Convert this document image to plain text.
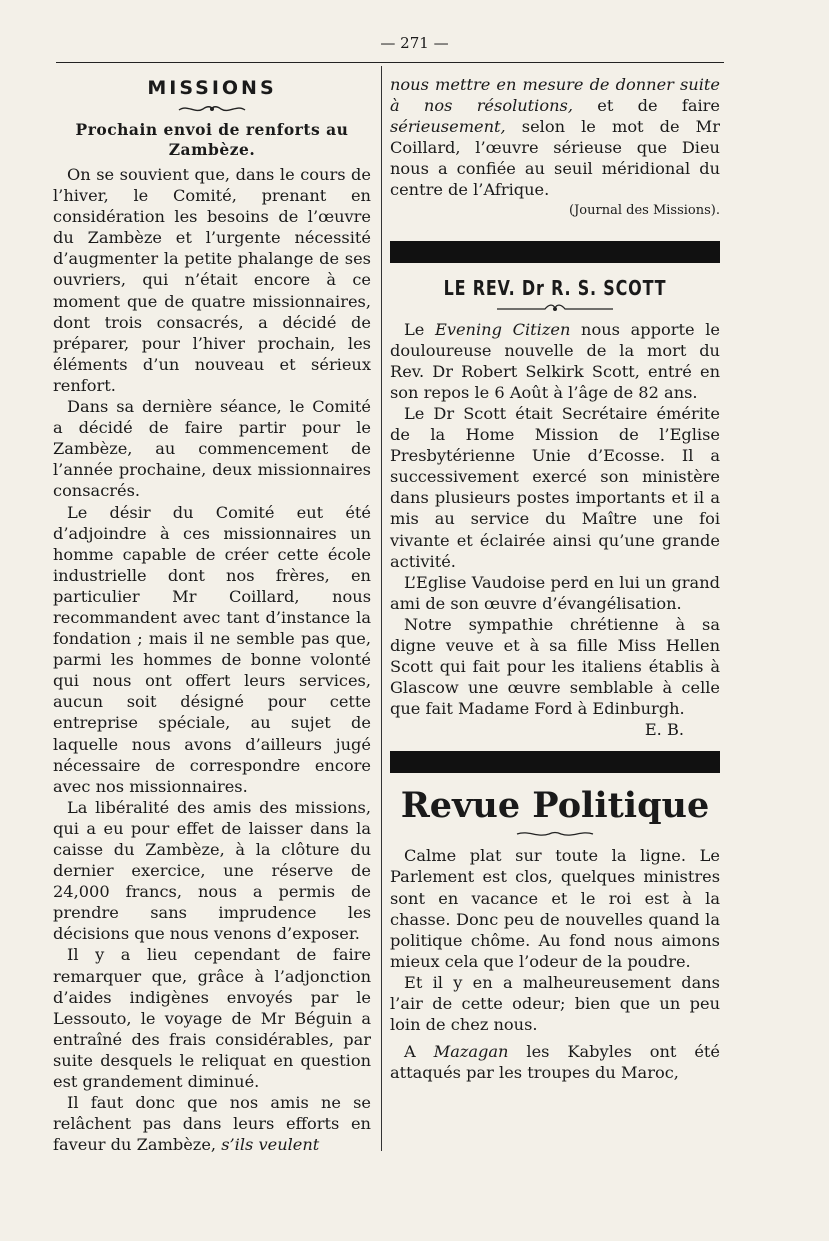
— 271 —
MISSIONS
Prochain envoi de renforts au
Zambèze.

On se souvient que, dans le cours de l’hiver, le Comité, prenant en considération les besoins de l’œuvre du Zambèze et l’urgente nécessité d’augmenter la petite phalange de ses ouvriers, qui n’était encore à ce moment que de quatre missionnaires, dont trois consacrés, a décidé de préparer, pour l’hiver prochain, les éléments d’un nouveau et sérieux renfort.

Dans sa dernière séance, le Comité a décidé de faire partir pour le Zambèze, au commencement de l’année prochaine, deux missionnaires consacrés.

Le désir du Comité eut été d’adjoindre à ces missionnaires un homme capable de créer cette école industrielle dont nos frères, en particulier Mr Coillard, nous recommandent avec tant d’instance la fondation ; mais il ne semble pas que, parmi les hommes de bonne volonté qui nous ont offert leurs services, aucun soit désigné pour cette entreprise spéciale, au sujet de laquelle nous avons d’ailleurs jugé nécessaire de correspondre encore avec nos missionnaires.

La libéralité des amis des missions, qui a eu pour effet de laisser dans la caisse du Zambèze, à la clôture du dernier exercice, une réserve de 24,000 francs, nous a permis de prendre sans imprudence les décisions que nous venons d’exposer.

Il y a lieu cependant de faire remarquer que, grâce à l’adjonction d’aides indigènes envoyés par le Lessouto, le voyage de Mr Béguin a entraîné des frais considérables, par suite desquels le reliquat en question est grandement diminué.

Il faut donc que nos amis ne se relâchent pas dans leurs efforts en faveur du Zambèze, s’ils veulent

nous mettre en mesure de donner suite à nos résolutions, et de faire sérieusement, selon le mot de Mr Coillard, l’œuvre sérieuse que Dieu nous a confiée au seuil méridional du centre de l’Afrique.

(Journal des Missions).
LE REV. Dr R. S. SCOTT

Le Evening Citizen nous apporte le douloureuse nouvelle de la mort du Rev. Dr Robert Selkirk Scott, entré en son repos le 6 Août à l’âge de 82 ans.

Le Dr Scott était Secrétaire émérite de la Home Mission de l’Eglise Presbytérienne Unie d’Ecosse. Il a successivement exercé son ministère dans plusieurs postes importants et il a mis au service du Maître une foi vivante et éclairée ainsi qu’une grande activité.

L’Eglise Vaudoise perd en lui un grand ami de son œuvre d’évangélisation.

Notre sympathie chrétienne à sa digne veuve et à sa fille Miss Hellen Scott qui fait pour les italiens établis à Glascow une œuvre semblable à celle que fait Madame Ford à Edinburgh.

E. B.
Revue Politique

Calme plat sur toute la ligne. Le Parlement est clos, quelques ministres sont en vacance et le roi est à la chasse. Donc peu de nouvelles quand la politique chôme. Au fond nous aimons mieux cela que l’odeur de la poudre.

Et il y en a malheureusement dans l’air de cette odeur; bien que un peu loin de chez nous.

A Mazagan les Kabyles ont été attaqués par les troupes du Maroc,
